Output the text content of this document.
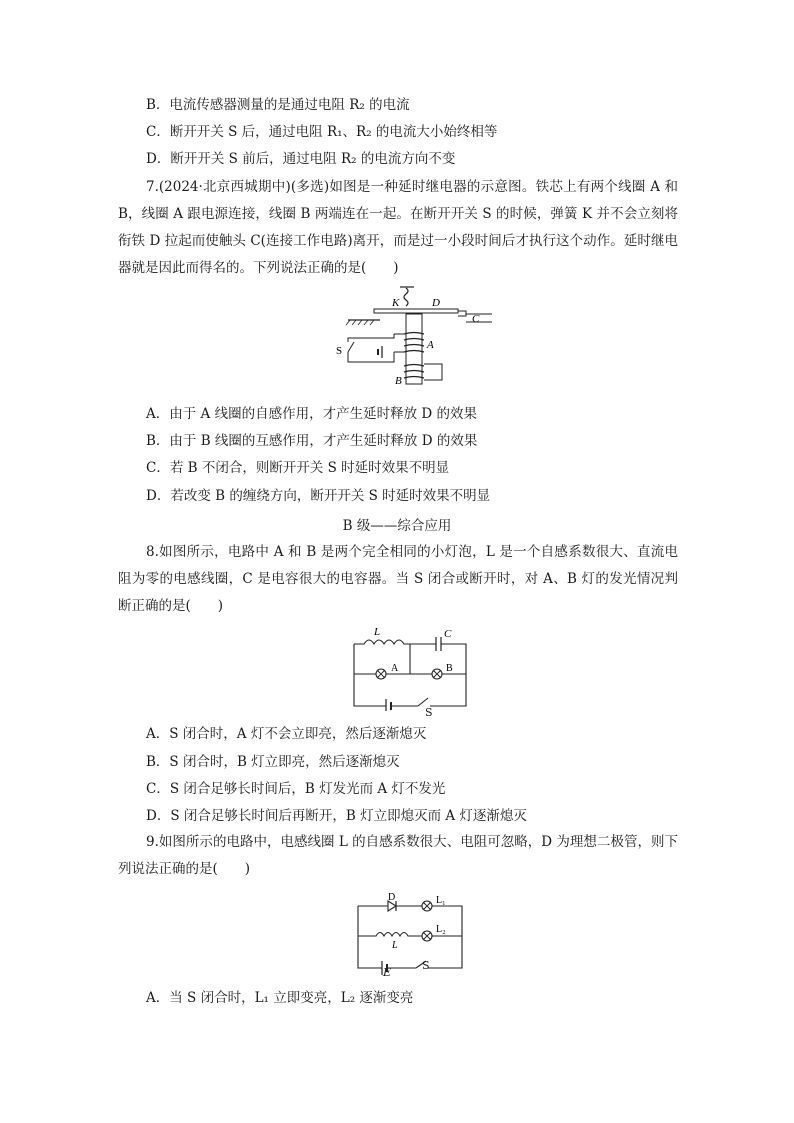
B．电流传感器测量的是通过电阻 R₂ 的电流
C．断开开关 S 后，通过电阻 R₁、R₂ 的电流大小始终相等
D．断开开关 S 前后，通过电阻 R₂ 的电流方向不变
7.(2024·北京西城期中)(多选)如图是一种延时继电器的示意图。铁芯上有两个线圈 A 和 B，线圈 A 跟电源连接，线圈 B 两端连在一起。在断开开关 S 的时候，弹簧 K 并不会立刻将衔铁 D 拉起而使触头 C(连接工作电路)离开，而是过一小段时间后才执行这个动作。延时继电器就是因此而得名的。下列说法正确的是(　　)
K	D
C
A
B
S
A．由于 A 线圈的自感作用，才产生延时释放 D 的效果
B．由于 B 线圈的互感作用，才产生延时释放 D 的效果
C．若 B 不闭合，则断开开关 S 时延时效果不明显
D．若改变 B 的缠绕方向，断开开关 S 时延时效果不明显
B 级——综合应用
8.如图所示，电路中 A 和 B 是两个完全相同的小灯泡，L 是一个自感系数很大、直流电阻为零的电感线圈，C 是电容很大的电容器。当 S 闭合或断开时，对 A、B 灯的发光情况判断正确的是(　　)
L	C
A	B
S
A．S 闭合时，A 灯不会立即亮，然后逐渐熄灭
B．S 闭合时，B 灯立即亮，然后逐渐熄灭
C．S 闭合足够长时间后，B 灯发光而 A 灯不发光
D．S 闭合足够长时间后再断开，B 灯立即熄灭而 A 灯逐渐熄灭
9.如图所示的电路中，电感线圈 L 的自感系数很大、电阻可忽略，D 为理想二极管，则下列说法正确的是(　　)
D	L₁
L
L₂
E
S
A．当 S 闭合时，L₁ 立即变亮，L₂ 逐渐变亮
